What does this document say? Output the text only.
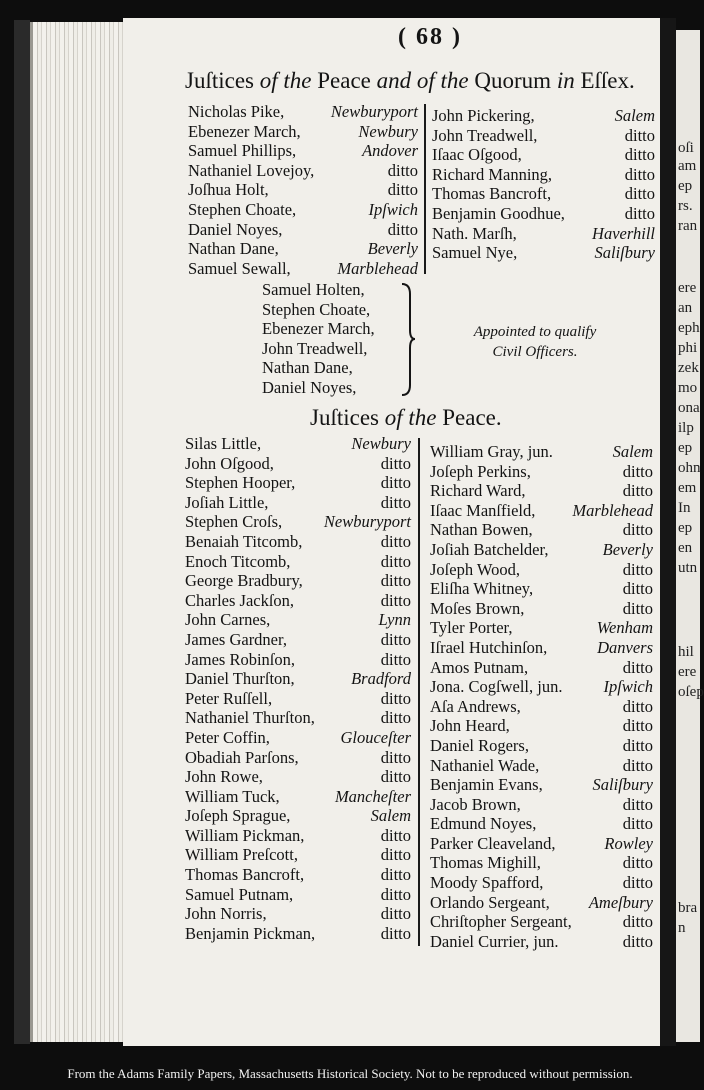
oſi
am
ep
rs.
ran
ere
an
eph
phi
zek
mo
ona
ilp
ep
ohn
em
In
ep
en
utn
hil
ere
oſep
bra
n
( 68 )
Juſtices of the Peace and of the Quorum in Eſſex.
Nicholas Pike,	Newburyport
Ebenezer March,	Newbury
Samuel Phillips,	Andover
Nathaniel Lovejoy,	ditto
Joſhua Holt,	ditto
Stephen Choate,	Ipſwich
Daniel Noyes,	ditto
Nathan Dane,	Beverly
Samuel Sewall,	Marblehead
John Pickering,	Salem
John Treadwell,	ditto
Iſaac Oſgood,	ditto
Richard Manning,	ditto
Thomas Bancroft,	ditto
Benjamin Goodhue,	ditto
Nath. Marſh,	Haverhill
Samuel Nye,	Saliſbury
Samuel Holten,
Stephen Choate,
Ebenezer March,
John Treadwell,
Nathan Dane,
Daniel Noyes,
Appointed to qualify
Civil Officers.
Juſtices of the Peace.
Silas Little,	Newbury
John Oſgood,	ditto
Stephen Hooper,	ditto
Joſiah Little,	ditto
Stephen Croſs,	Newburyport
Benaiah Titcomb,	ditto
Enoch Titcomb,	ditto
George Bradbury,	ditto
Charles Jackſon,	ditto
John Carnes,	Lynn
James Gardner,	ditto
James Robinſon,	ditto
Daniel Thurſton,	Bradford
Peter Ruſſell,	ditto
Nathaniel Thurſton,	ditto
Peter Coffin,	Glouceſter
Obadiah Parſons,	ditto
John Rowe,	ditto
William Tuck,	Mancheſter
Joſeph Sprague,	Salem
William Pickman,	ditto
William Preſcott,	ditto
Thomas Bancroft,	ditto
Samuel Putnam,	ditto
John Norris,	ditto
Benjamin Pickman,	ditto
William Gray, jun.	Salem
Joſeph Perkins,	ditto
Richard Ward,	ditto
Iſaac Manſfield, Marblehead
Nathan Bowen,	ditto
Joſiah Batchelder,	Beverly
Joſeph Wood,	ditto
Eliſha Whitney,	ditto
Moſes Brown,	ditto
Tyler Porter,	Wenham
Iſrael Hutchinſon,	Danvers
Amos Putnam,	ditto
Jona. Cogſwell, jun. Ipſwich
Aſa Andrews,	ditto
John Heard,	ditto
Daniel Rogers,	ditto
Nathaniel Wade,	ditto
Benjamin Evans,	Saliſbury
Jacob Brown,	ditto
Edmund Noyes,	ditto
Parker Cleaveland,	Rowley
Thomas Mighill,	ditto
Moody Spafford,	ditto
Orlando Sergeant, Ameſbury
Chriſtopher Sergeant,	ditto
Daniel Currier, jun.	ditto
From the Adams Family Papers, Massachusetts Historical Society. Not to be reproduced without permission.
